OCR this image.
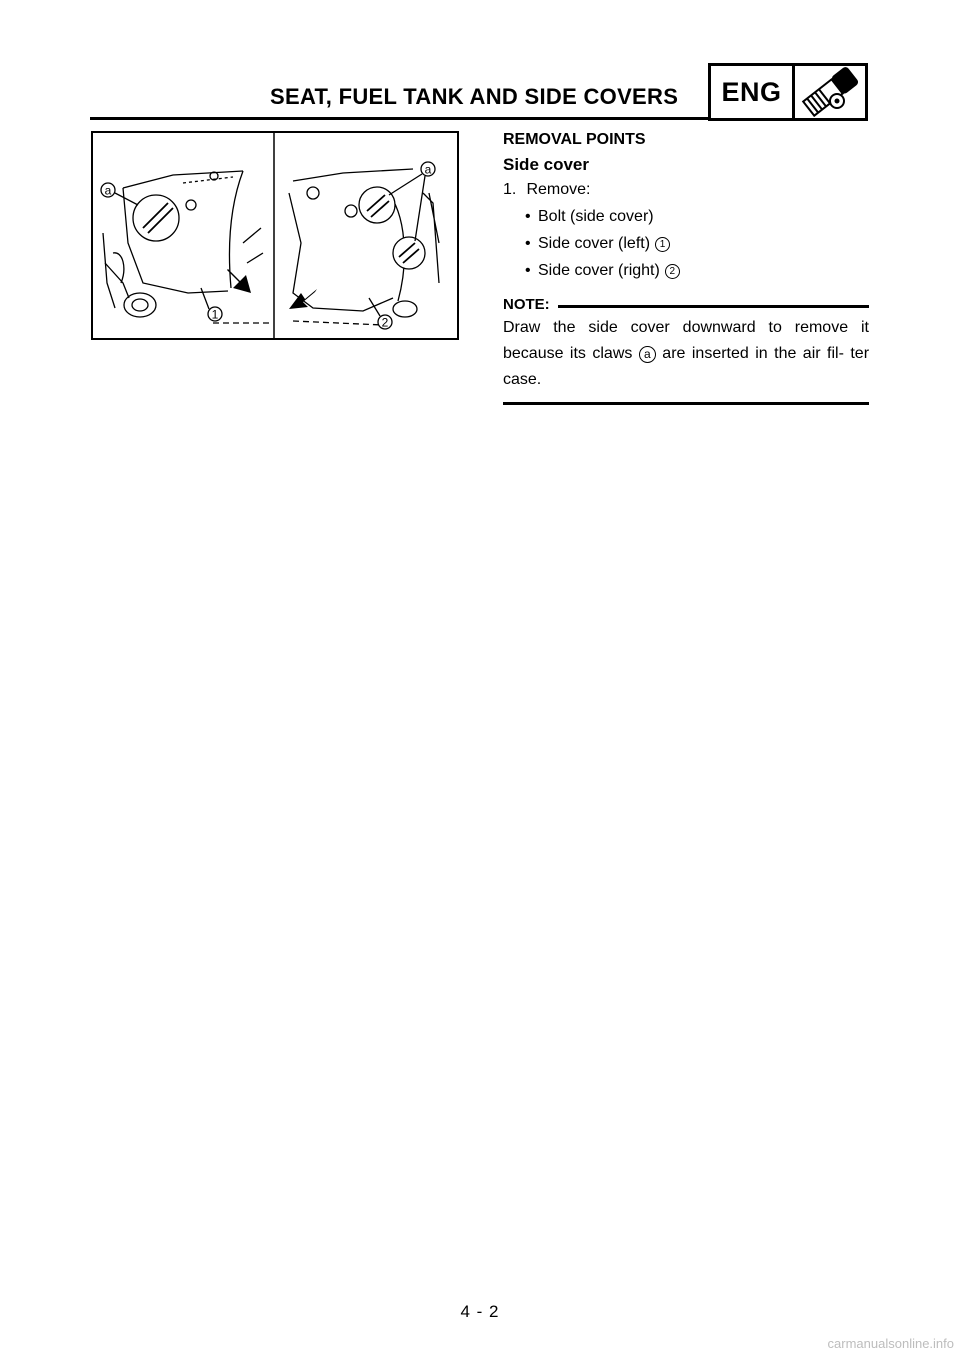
SEAT, FUEL TANK AND SIDE COVERS	ENG
a
1
a
2
REMOVAL POINTS
Side cover
1. Remove:
• Bolt (side cover)
• Side cover (left) 1
• Side cover (right) 2
NOTE:
Draw the side cover downward to remove it because its claws a are inserted in the air fil- ter case.
4 - 2
carmanualsonline.info
